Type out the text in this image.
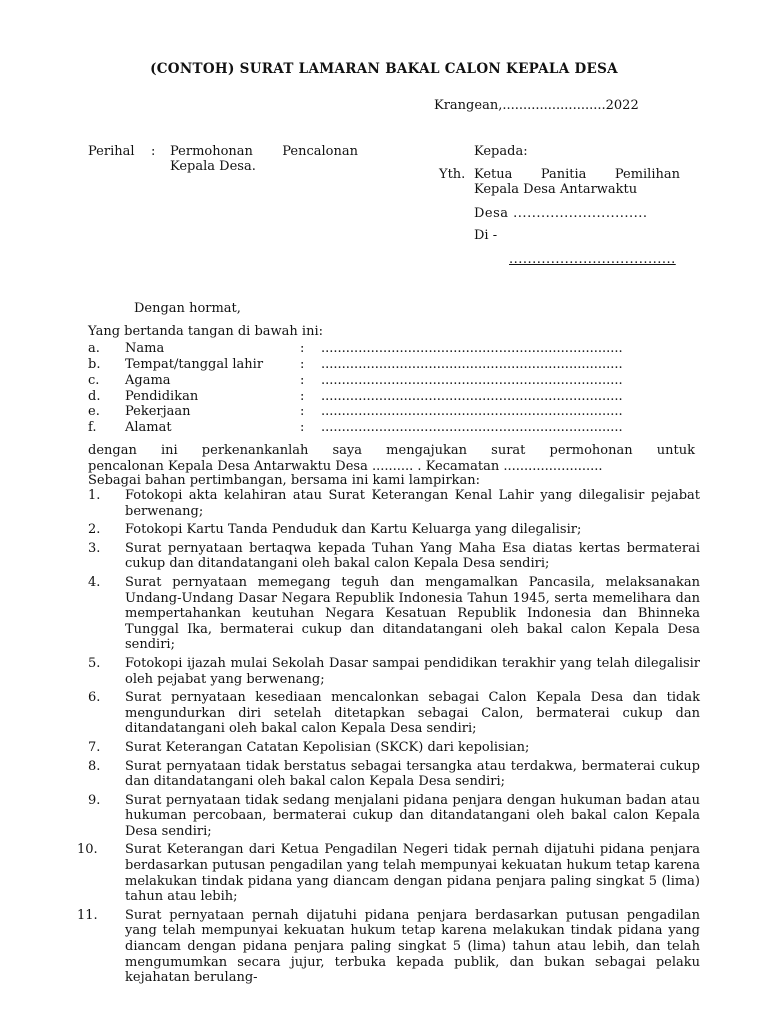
(CONTOH) SURAT LAMARAN BAKAL CALON KEPALA DESA
Krangean,.........................2022
Perihal : Permohonan Pencalonan
Kepala Desa.
Kepada:
Yth. Ketua Panitia Pemilihan
Kepala Desa Antarwaktu
Desa .............................
Di -
....................................
Dengan hormat,
Yang bertanda tangan di bawah ini:
a. Nama	: .........................................................................
b. Tempat/tanggal lahir	: .........................................................................
c. Agama	: .........................................................................
d. Pendidikan	: .........................................................................
e. Pekerjaan	: .........................................................................
f. Alamat	: .........................................................................
dengan ini perkenankanlah saya mengajukan surat permohonan untuk
pencalonan Kepala Desa Antarwaktu Desa .......... . Kecamatan ........................
Sebagai bahan pertimbangan, bersama ini kami lampirkan:
1. Fotokopi akta kelahiran atau Surat Keterangan Kenal Lahir yang dilegalisir pejabat berwenang;
2. Fotokopi Kartu Tanda Penduduk dan Kartu Keluarga yang dilegalisir;
3. Surat pernyataan bertaqwa kepada Tuhan Yang Maha Esa diatas kertas bermaterai cukup dan ditandatangani oleh bakal calon Kepala Desa sendiri;
4. Surat pernyataan memegang teguh dan mengamalkan Pancasila, melaksanakan Undang-Undang Dasar Negara Republik Indonesia Tahun 1945, serta memelihara dan mempertahankan keutuhan Negara Kesatuan Republik Indonesia dan Bhinneka Tunggal Ika, bermaterai cukup dan ditandatangani oleh bakal calon Kepala Desa sendiri;
5. Fotokopi ijazah mulai Sekolah Dasar sampai pendidikan terakhir yang telah dilegalisir oleh pejabat yang berwenang;
6. Surat pernyataan kesediaan mencalonkan sebagai Calon Kepala Desa dan tidak mengundurkan diri setelah ditetapkan sebagai Calon, bermaterai cukup dan ditandatangani oleh bakal calon Kepala Desa sendiri;
7. Surat Keterangan Catatan Kepolisian (SKCK) dari kepolisian;
8. Surat pernyataan tidak berstatus sebagai tersangka atau terdakwa, bermaterai cukup dan ditandatangani oleh bakal calon Kepala Desa sendiri;
9. Surat pernyataan tidak sedang menjalani pidana penjara dengan hukuman badan atau hukuman percobaan, bermaterai cukup dan ditandatangani oleh bakal calon Kepala Desa sendiri;
10. Surat Keterangan dari Ketua Pengadilan Negeri tidak pernah dijatuhi pidana penjara berdasarkan putusan pengadilan yang telah mempunyai kekuatan hukum tetap karena melakukan tindak pidana yang diancam dengan pidana penjara paling singkat 5 (lima) tahun atau lebih;
11. Surat pernyataan pernah dijatuhi pidana penjara berdasarkan putusan pengadilan yang telah mempunyai kekuatan hukum tetap karena melakukan tindak pidana yang diancam dengan pidana penjara paling singkat 5 (lima) tahun atau lebih, dan telah mengumumkan secara jujur, terbuka kepada publik, dan bukan sebagai pelaku kejahatan berulang-
